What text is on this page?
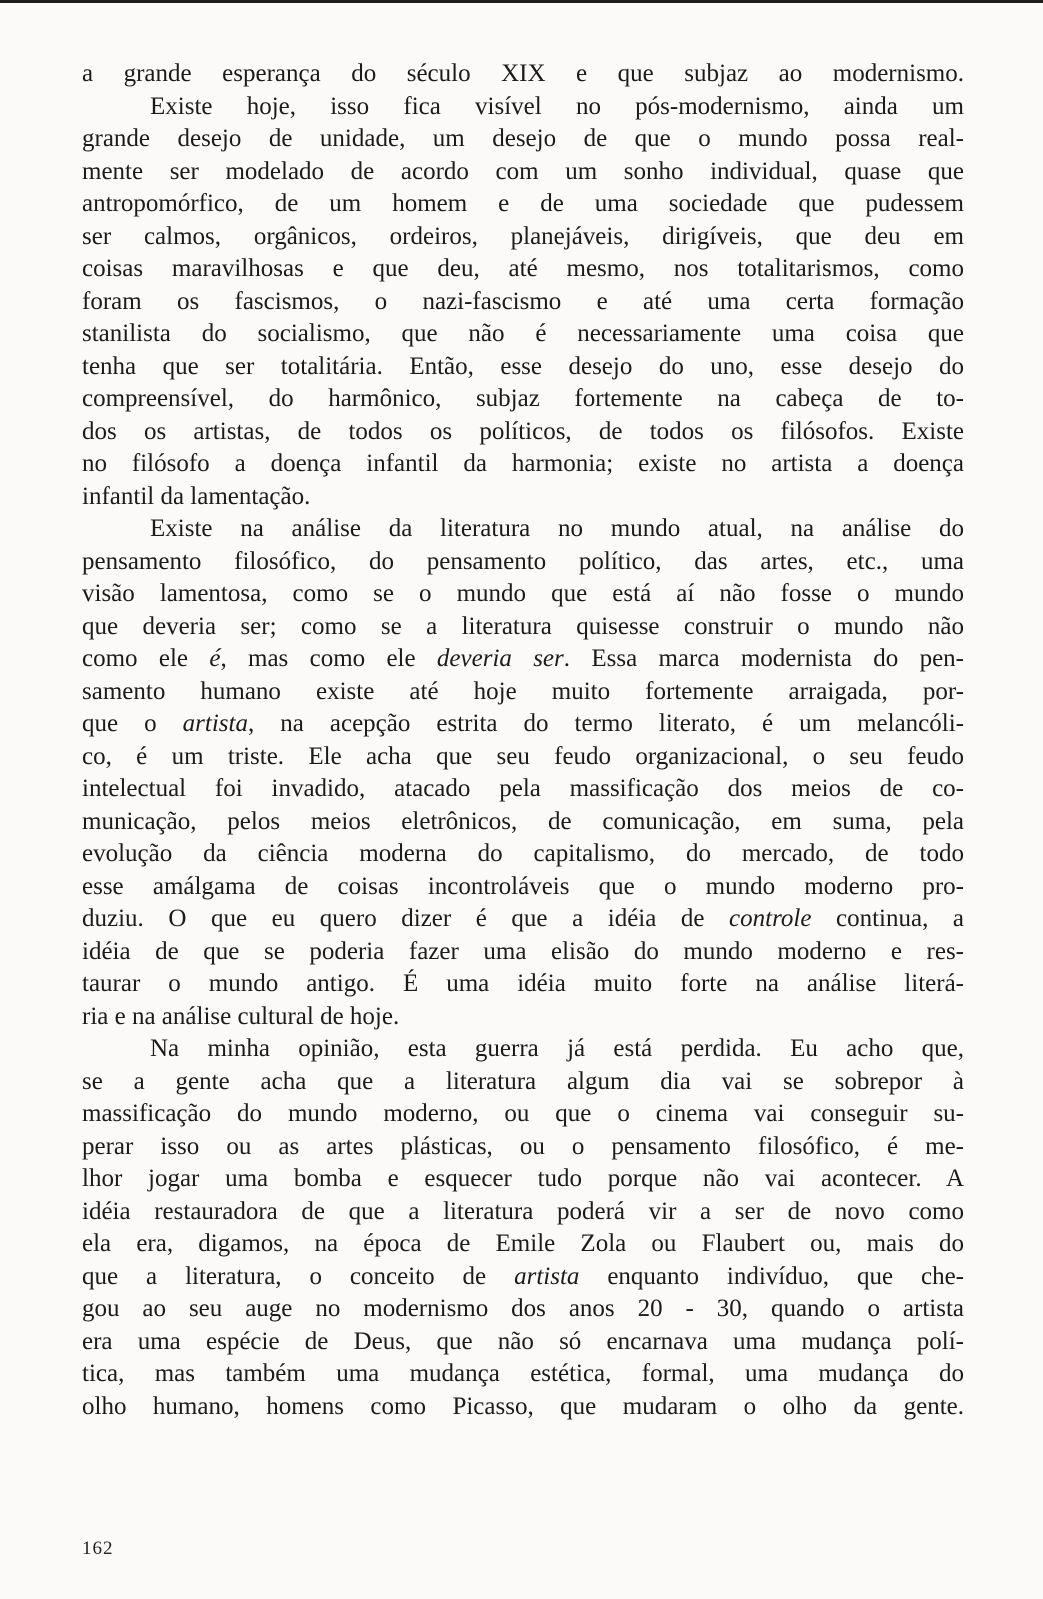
a grande esperança do século XIX e que subjaz ao modernismo.

Existe hoje, isso fica visível no pós-modernismo, ainda um
grande desejo de unidade, um desejo de que o mundo possa real-
mente ser modelado de acordo com um sonho individual, quase que
antropomórfico, de um homem e de uma sociedade que pudessem
ser calmos, orgânicos, ordeiros, planejáveis, dirigíveis, que deu em
coisas maravilhosas e que deu, até mesmo, nos totalitarismos, como
foram os fascismos, o nazi-fascismo e até uma certa formação
stanilista do socialismo, que não é necessariamente uma coisa que
tenha que ser totalitária. Então, esse desejo do uno, esse desejo do
compreensível, do harmônico, subjaz fortemente na cabeça de to-
dos os artistas, de todos os políticos, de todos os filósofos. Existe
no filósofo a doença infantil da harmonia; existe no artista a doença
infantil da lamentação.

Existe na análise da literatura no mundo atual, na análise do
pensamento filosófico, do pensamento político, das artes, etc., uma
visão lamentosa, como se o mundo que está aí não fosse o mundo
que deveria ser; como se a literatura quisesse construir o mundo não
como ele é, mas como ele deveria ser. Essa marca modernista do pen-
samento humano existe até hoje muito fortemente arraigada, por-
que o artista, na acepção estrita do termo literato, é um melancóli-
co, é um triste. Ele acha que seu feudo organizacional, o seu feudo
intelectual foi invadido, atacado pela massificação dos meios de co-
municação, pelos meios eletrônicos, de comunicação, em suma, pela
evolução da ciência moderna do capitalismo, do mercado, de todo
esse amálgama de coisas incontroláveis que o mundo moderno pro-
duziu. O que eu quero dizer é que a idéia de controle continua, a
idéia de que se poderia fazer uma elisão do mundo moderno e res-
taurar o mundo antigo. É uma idéia muito forte na análise literá-
ria e na análise cultural de hoje.

Na minha opinião, esta guerra já está perdida. Eu acho que,
se a gente acha que a literatura algum dia vai se sobrepor à
massificação do mundo moderno, ou que o cinema vai conseguir su-
perar isso ou as artes plásticas, ou o pensamento filosófico, é me-
lhor jogar uma bomba e esquecer tudo porque não vai acontecer. A
idéia restauradora de que a literatura poderá vir a ser de novo como
ela era, digamos, na época de Emile Zola ou Flaubert ou, mais do
que a literatura, o conceito de artista enquanto indivíduo, que che-
gou ao seu auge no modernismo dos anos 20 - 30, quando o artista
era uma espécie de Deus, que não só encarnava uma mudança polí-
tica, mas também uma mudança estética, formal, uma mudança do
olho humano, homens como Picasso, que mudaram o olho da gente.

162
